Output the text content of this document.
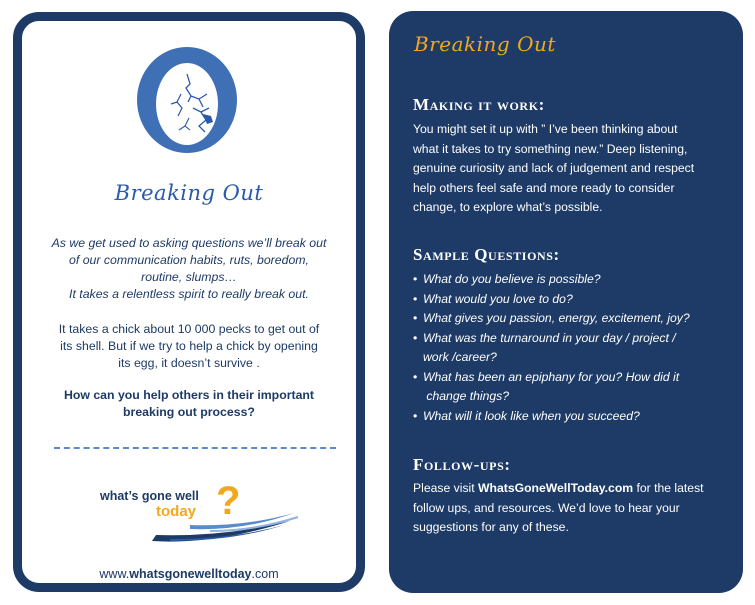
Breaking Out
As we get used to asking questions we’ll break out
of our communication habits, ruts, boredom,
routine, slumps…
It takes a relentless spirit to really break out.
It takes a chick about 10 000 pecks to get out of
its shell. But if we try to help a chick by opening
its egg, it doesn’t survive .
How can you help others in their important
breaking out process?
what’s gone well
today ?
www.whatsgonewelltoday.com
Breaking Out
Making it work:
You might set it up with ” I’ve been thinking about
what it takes to try something new.” Deep listening,
genuine curiosity and lack of judgement and respect
help others feel safe and more ready to consider
change, to explore what’s possible.
Sample Questions:
• What do you believe is possible?
• What would you love to do?
• What gives you passion, energy, excitement, joy?
• What was the turnaround in your day / project /
work /career?
• What has been an epiphany for you? How did it
change things?
• What will it look like when you succeed?
Follow-ups:
Please visit WhatsGoneWellToday.com for the latest
follow ups, and resources. We’d love to hear your
suggestions for any of these.
